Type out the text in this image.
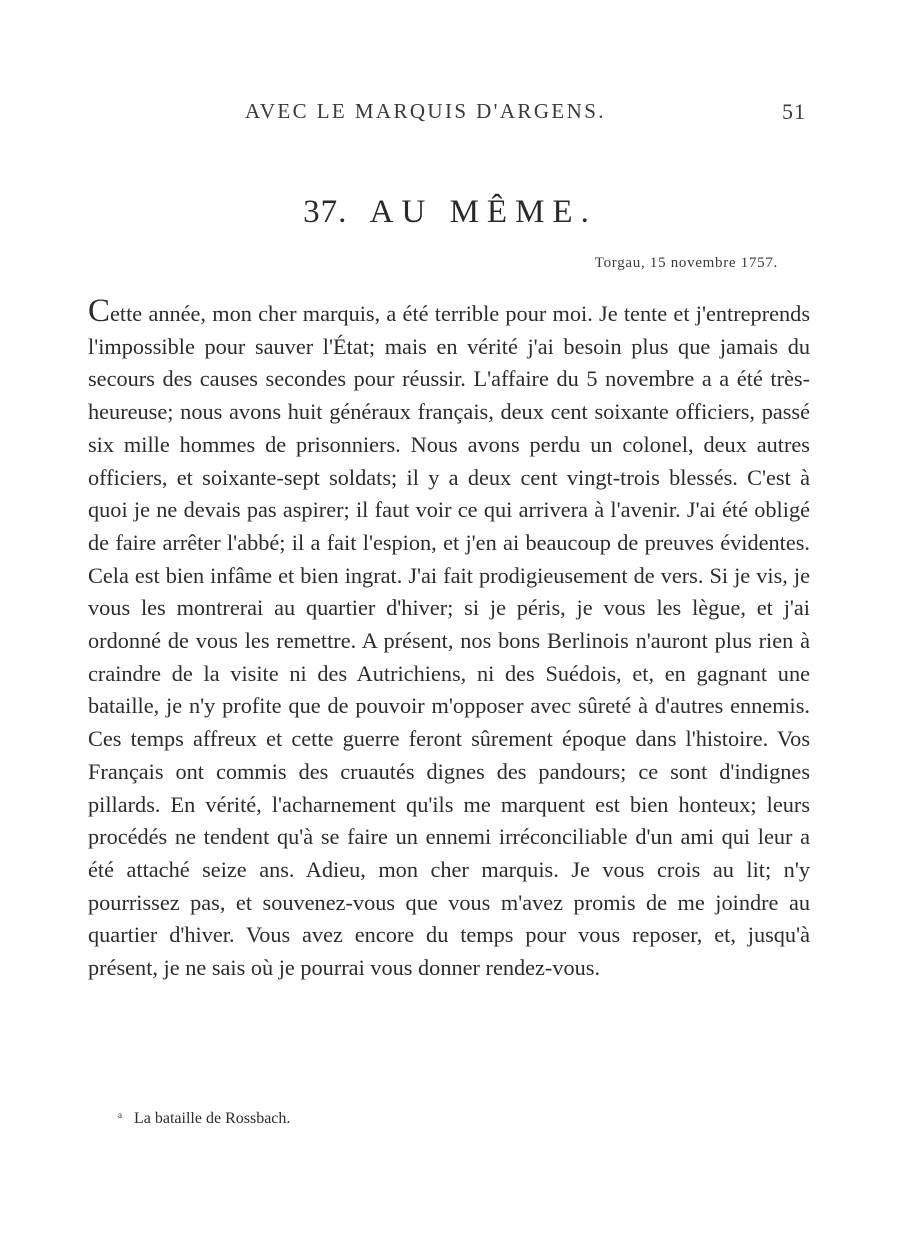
AVEC LE MARQUIS D'ARGENS.	51
37. AU MÊME.
Torgau, 15 novembre 1757.

Cette année, mon cher marquis, a été terrible pour moi. Je tente et j'entreprends l'impossible pour sauver l'État; mais en vérité j'ai besoin plus que jamais du secours des causes secondes pour réussir. L'affaire du 5 novembre a a été très-heureuse; nous avons huit généraux français, deux cent soixante officiers, passé six mille hommes de prisonniers. Nous avons perdu un colonel, deux autres officiers, et soixante-sept soldats; il y a deux cent vingt-trois blessés. C'est à quoi je ne devais pas aspirer; il faut voir ce qui arrivera à l'avenir. J'ai été obligé de faire arrêter l'abbé; il a fait l'espion, et j'en ai beaucoup de preuves évidentes. Cela est bien infâme et bien ingrat. J'ai fait prodigieusement de vers. Si je vis, je vous les montrerai au quartier d'hiver; si je péris, je vous les lègue, et j'ai ordonné de vous les remettre. A présent, nos bons Berlinois n'auront plus rien à craindre de la visite ni des Autrichiens, ni des Suédois, et, en gagnant une bataille, je n'y profite que de pouvoir m'opposer avec sûreté à d'autres ennemis. Ces temps affreux et cette guerre feront sûrement époque dans l'histoire. Vos Français ont commis des cruautés dignes des pandours; ce sont d'indignes pillards. En vérité, l'acharnement qu'ils me marquent est bien honteux; leurs procédés ne tendent qu'à se faire un ennemi irréconciliable d'un ami qui leur a été attaché seize ans. Adieu, mon cher marquis. Je vous crois au lit; n'y pourrissez pas, et souvenez-vous que vous m'avez promis de me joindre au quartier d'hiver. Vous avez encore du temps pour vous reposer, et, jusqu'à présent, je ne sais où je pourrai vous donner rendez-vous.

$^a$ La bataille de Rossbach.
